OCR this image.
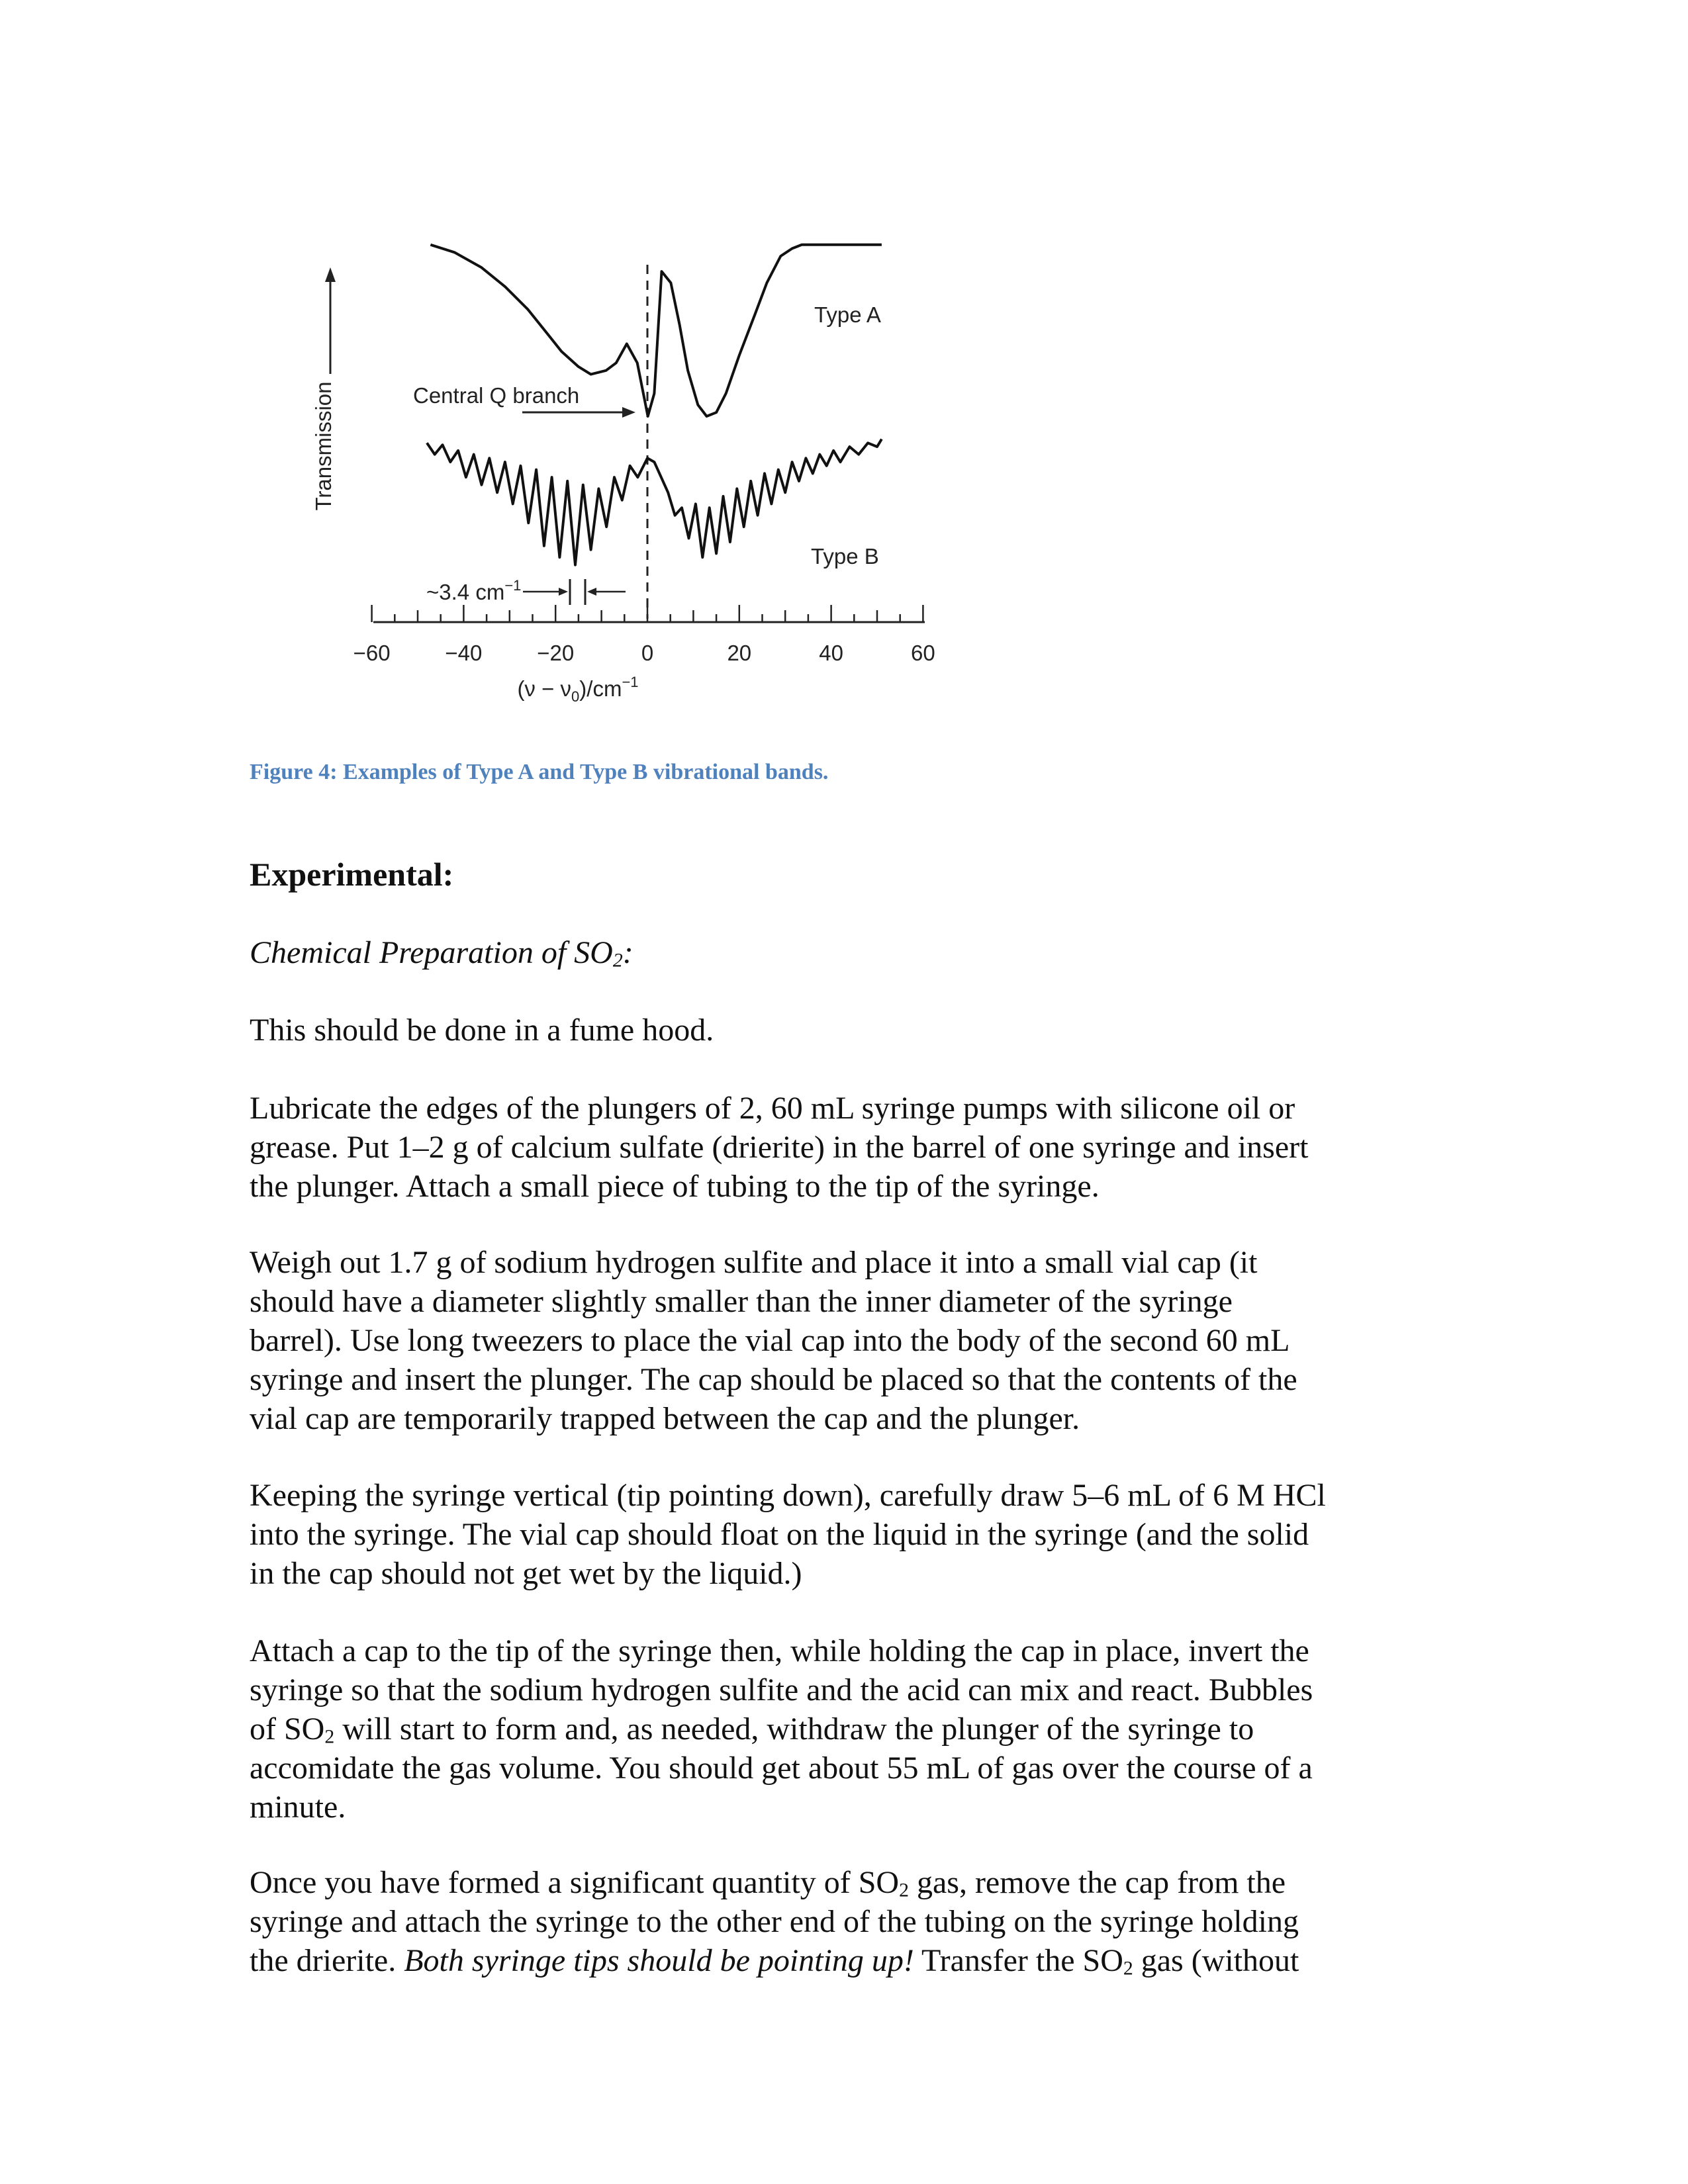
−60	−40	−20	0	20	40	60
Type A
Type B
Central Q branch
Transmission
~3.4 $cm^{-1}$
$(\nu - \nu_0)/cm^{-1}$
Figure 4: Examples of Type A and Type B vibrational bands.
Experimental:
Chemical Preparation of $SO_2$:
This should be done in a fume hood.
Lubricate the edges of the plungers of 2, 60 mL syringe pumps with silicone oil or
grease. Put 1–2 g of calcium sulfate (drierite) in the barrel of one syringe and insert
the plunger. Attach a small piece of tubing to the tip of the syringe.
Weigh out 1.7 g of sodium hydrogen sulfite and place it into a small vial cap (it
should have a diameter slightly smaller than the inner diameter of the syringe
barrel). Use long tweezers to place the vial cap into the body of the second 60 mL
syringe and insert the plunger. The cap should be placed so that the contents of the
vial cap are temporarily trapped between the cap and the plunger.
Keeping the syringe vertical (tip pointing down), carefully draw 5–6 mL of 6 M HCl
into the syringe. The vial cap should float on the liquid in the syringe (and the solid
in the cap should not get wet by the liquid.)
Attach a cap to the tip of the syringe then, while holding the cap in place, invert the
syringe so that the sodium hydrogen sulfite and the acid can mix and react. Bubbles
of $SO_2$ will start to form and, as needed, withdraw the plunger of the syringe to
accomidate the gas volume. You should get about 55 mL of gas over the course of a
minute.
Once you have formed a significant quantity of $SO_2$ gas, remove the cap from the
syringe and attach the syringe to the other end of the tubing on the syringe holding
the drierite. Both syringe tips should be pointing up! Transfer the $SO_2$ gas (without
